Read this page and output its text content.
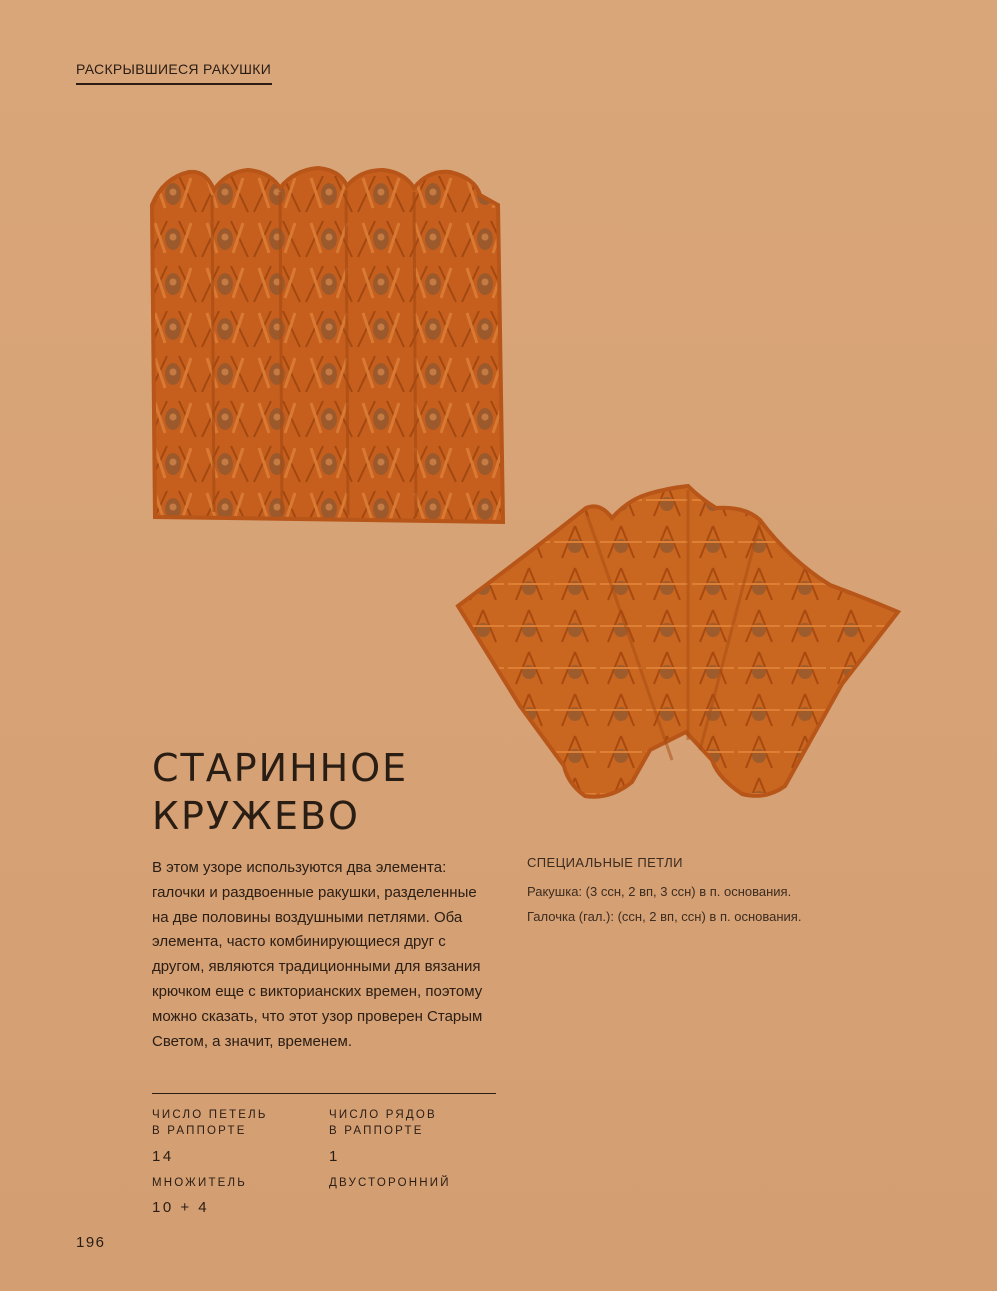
РАСКРЫВШИЕСЯ РАКУШКИ
СТАРИННОЕ
КРУЖЕВО

В этом узоре используются два элемента: галочки и раздвоенные ракушки, разделенные на две половины воздушными петлями. Оба элемента, часто комбинирующиеся друг с другом, являются традиционными для вязания крючком еще с викторианских времен, поэтому можно сказать, что этот узор проверен Старым Светом, а значит, временем.

СПЕЦИАЛЬНЫЕ ПЕТЛИ
Ракушка: (3 ссн, 2 вп, 3 ссн) в п. основания.
Галочка (гал.): (ссн, 2 вп, ссн) в п. основания.
ЧИСЛО ПЕТЕЛЬ
В РАППОРТЕ
ЧИСЛО РЯДОВ
В РАППОРТЕ
14	1
МНОЖИТЕЛЬ	ДВУСТОРОННИЙ
10 + 4
196
